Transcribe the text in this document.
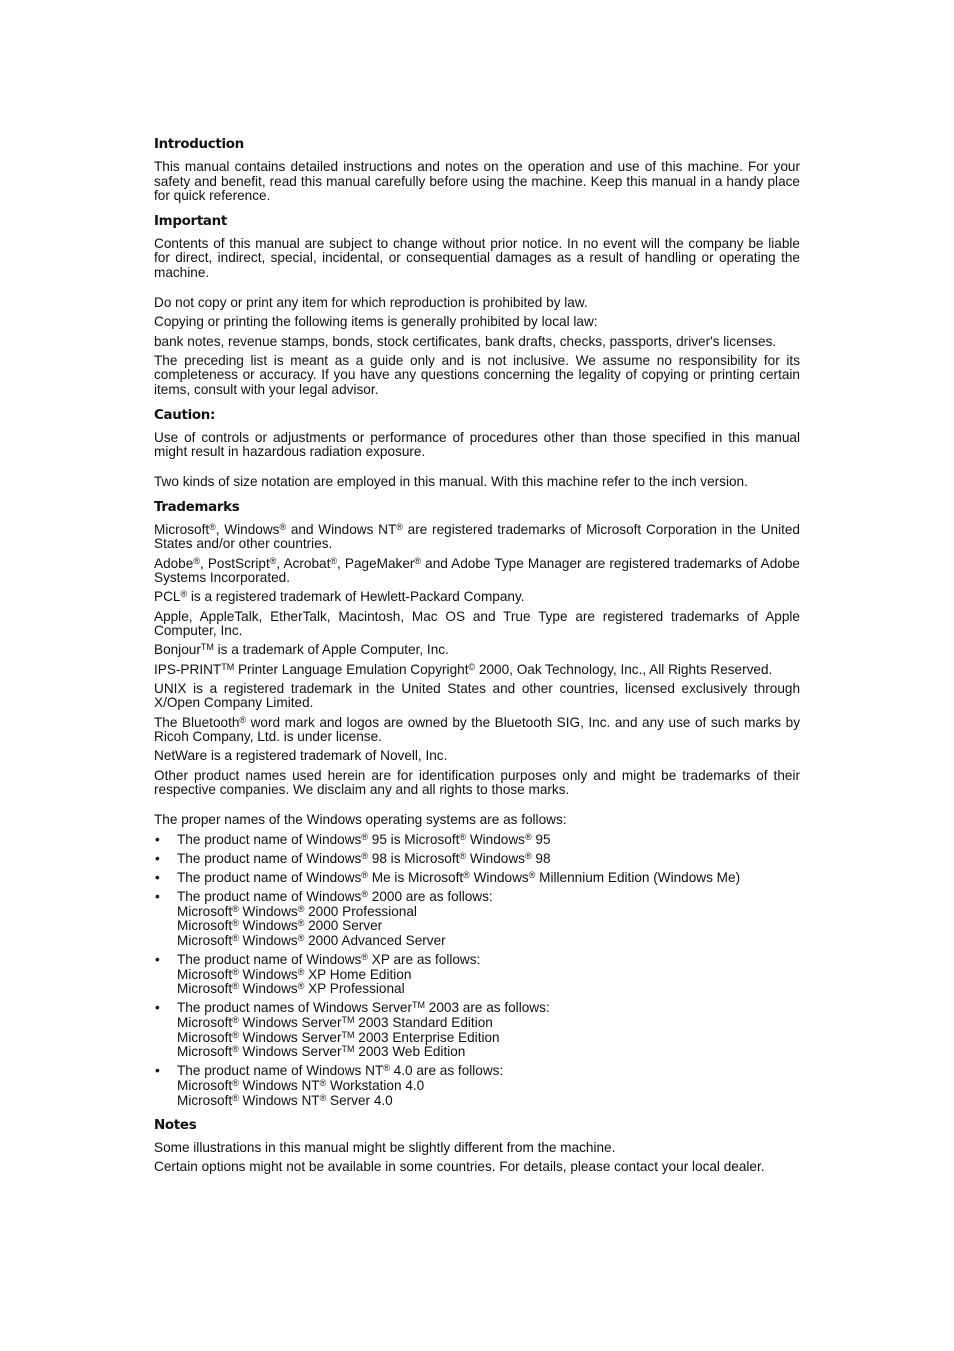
Introduction

This manual contains detailed instructions and notes on the operation and use of this machine. For your safety and benefit, read this manual carefully before using the machine. Keep this manual in a handy place for quick reference.

Important

Contents of this manual are subject to change without prior notice. In no event will the company be liable for direct, indirect, special, incidental, or consequential damages as a result of handling or operating the machine.

Do not copy or print any item for which reproduction is prohibited by law.

Copying or printing the following items is generally prohibited by local law:

bank notes, revenue stamps, bonds, stock certificates, bank drafts, checks, passports, driver's licenses.

The preceding list is meant as a guide only and is not inclusive. We assume no responsibility for its completeness or accuracy. If you have any questions concerning the legality of copying or printing certain items, consult with your legal advisor.

Caution:

Use of controls or adjustments or performance of procedures other than those specified in this manual might result in hazardous radiation exposure.

Two kinds of size notation are employed in this manual. With this machine refer to the inch version.

Trademarks

Microsoft®, Windows® and Windows NT® are registered trademarks of Microsoft Corporation in the United States and/or other countries.

Adobe®, PostScript®, Acrobat®, PageMaker® and Adobe Type Manager are registered trademarks of Adobe Systems Incorporated.

PCL® is a registered trademark of Hewlett-Packard Company.

Apple, AppleTalk, EtherTalk, Macintosh, Mac OS and True Type are registered trademarks of Apple Computer, Inc.

Bonjour™ is a trademark of Apple Computer, Inc.

IPS-PRINT™ Printer Language Emulation Copyright© 2000, Oak Technology, Inc., All Rights Reserved.

UNIX is a registered trademark in the United States and other countries, licensed exclusively through X/Open Company Limited.

The Bluetooth® word mark and logos are owned by the Bluetooth SIG, Inc. and any use of such marks by Ricoh Company, Ltd. is under license.

NetWare is a registered trademark of Novell, Inc.

Other product names used herein are for identification purposes only and might be trademarks of their respective companies. We disclaim any and all rights to those marks.

The proper names of the Windows operating systems are as follows:

• The product name of Windows® 95 is Microsoft® Windows® 95
• The product name of Windows® 98 is Microsoft® Windows® 98
• The product name of Windows® Me is Microsoft® Windows® Millennium Edition (Windows Me)
• The product name of Windows® 2000 are as follows:
Microsoft® Windows® 2000 Professional
Microsoft® Windows® 2000 Server
Microsoft® Windows® 2000 Advanced Server
• The product name of Windows® XP are as follows:
Microsoft® Windows® XP Home Edition
Microsoft® Windows® XP Professional
• The product names of Windows Server™ 2003 are as follows:
Microsoft® Windows Server™ 2003 Standard Edition
Microsoft® Windows Server™ 2003 Enterprise Edition
Microsoft® Windows Server™ 2003 Web Edition
• The product name of Windows NT® 4.0 are as follows:
Microsoft® Windows NT® Workstation 4.0
Microsoft® Windows NT® Server 4.0
Notes

Some illustrations in this manual might be slightly different from the machine.

Certain options might not be available in some countries. For details, please contact your local dealer.
